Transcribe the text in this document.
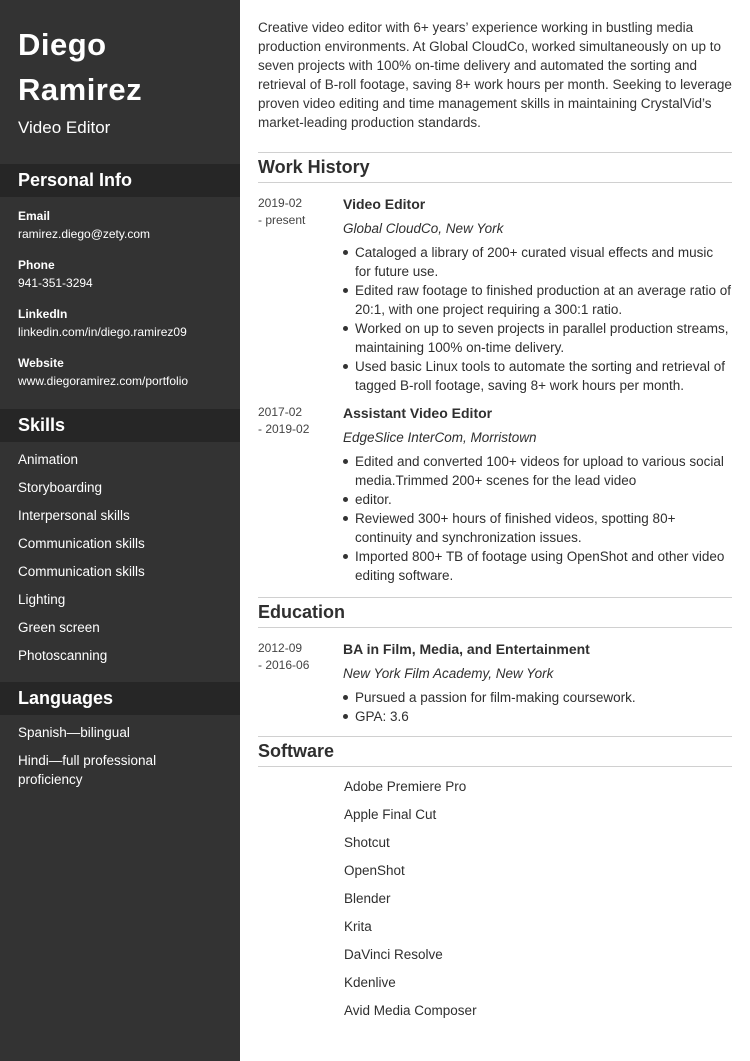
Diego
Ramirez
Video Editor
Personal Info
Email
ramirez.diego@zety.com
Phone
941-351-3294
LinkedIn
linkedin.com/in/diego.ramirez09
Website
www.diegoramirez.com/portfolio
Skills
Animation
Storyboarding
Interpersonal skills
Communication skills
Communication skills
Lighting
Green screen
Photoscanning
Languages
Spanish—bilingual
Hindi—full professional proficiency
Creative video editor with 6+ years’ experience working in bustling media production environments. At Global CloudCo, worked simultaneously on up to seven projects with 100% on-time delivery and automated the sorting and retrieval of B-roll footage, saving 8+ work hours per month. Seeking to leverage proven video editing and time management skills in maintaining CrystalVid’s market-leading production standards.
Work History
2019-02
- present
Video Editor
Global CloudCo, New York
Cataloged a library of 200+ curated visual effects and music for future use.
Edited raw footage to finished production at an average ratio of 20:1, with one project requiring a 300:1 ratio.
Worked on up to seven projects in parallel production streams, maintaining 100% on-time delivery.
Used basic Linux tools to automate the sorting and retrieval of tagged B-roll footage, saving 8+ work hours per month.
2017-02
- 2019-02
Assistant Video Editor
EdgeSlice InterCom, Morristown
Edited and converted 100+ videos for upload to various social media.Trimmed 200+ scenes for the lead video
editor.
Reviewed 300+ hours of finished videos, spotting 80+ continuity and synchronization issues.
Imported 800+ TB of footage using OpenShot and other video editing software.
Education
2012-09
- 2016-06
BA in Film, Media, and Entertainment
New York Film Academy, New York
Pursued a passion for film-making coursework.
GPA: 3.6
Software
Adobe Premiere Pro
Apple Final Cut
Shotcut
OpenShot
Blender
Krita
DaVinci Resolve
Kdenlive
Avid Media Composer
